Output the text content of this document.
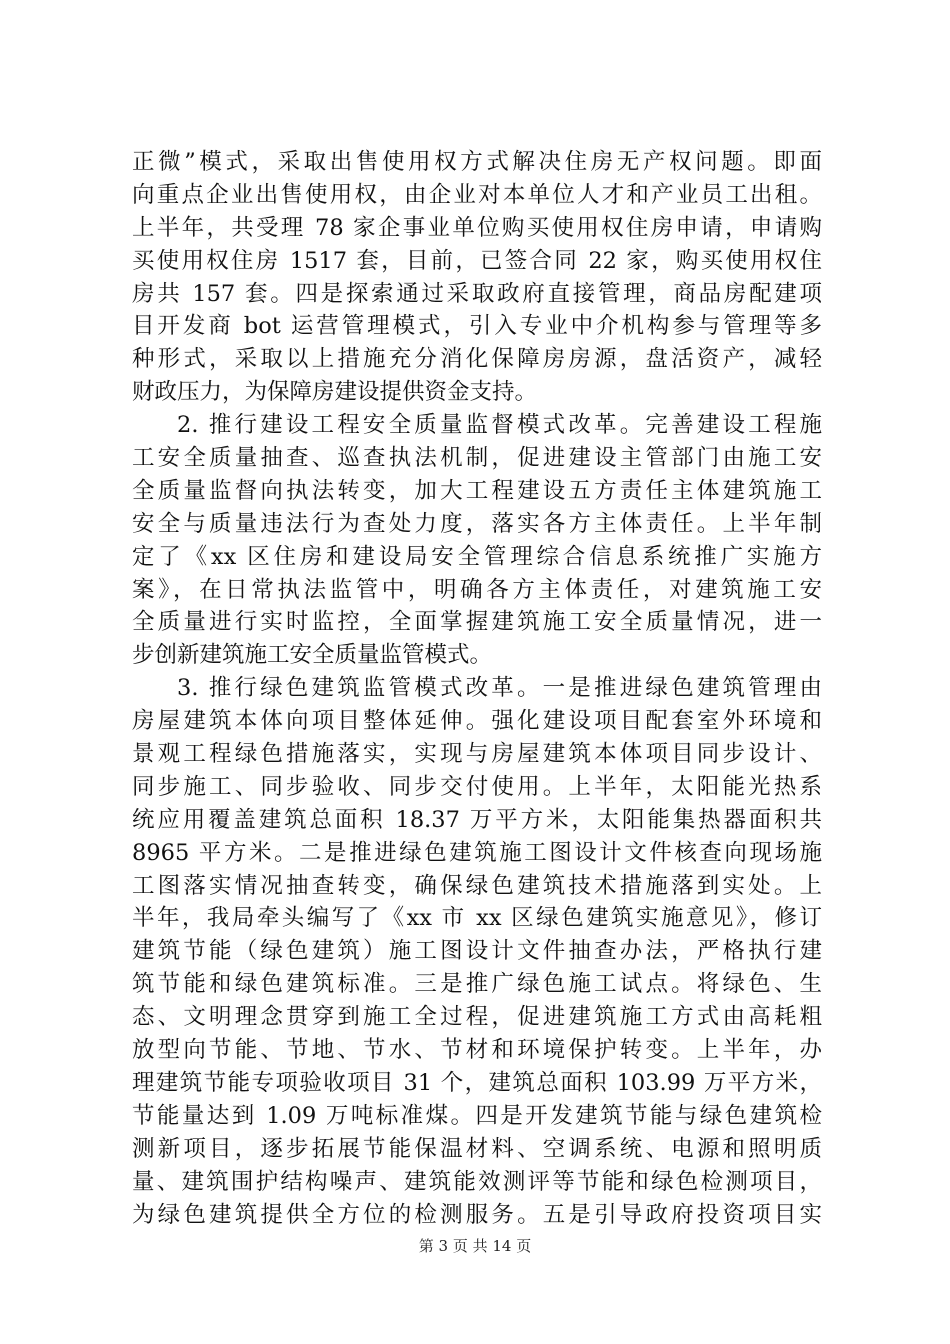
正微”模式，采取出售使用权方式解决住房无产权问题。即面
向重点企业出售使用权，由企业对本单位人才和产业员工出租。
上半年，共受理 78 家企事业单位购买使用权住房申请，申请购
买使用权住房 1517 套，目前，已签合同 22 家，购买使用权住
房共 157 套。四是探索通过采取政府直接管理，商品房配建项
目开发商 bot 运营管理模式，引入专业中介机构参与管理等多
种形式，采取以上措施充分消化保障房房源，盘活资产，减轻
财政压力，为保障房建设提供资金支持。
2. 推行建设工程安全质量监督模式改革。完善建设工程施
工安全质量抽查、巡查执法机制，促进建设主管部门由施工安
全质量监督向执法转变，加大工程建设五方责任主体建筑施工
安全与质量违法行为查处力度，落实各方主体责任。上半年制
定了《xx 区住房和建设局安全管理综合信息系统推广实施方
案》，在日常执法监管中，明确各方主体责任，对建筑施工安
全质量进行实时监控，全面掌握建筑施工安全质量情况，进一
步创新建筑施工安全质量监管模式。
3. 推行绿色建筑监管模式改革。一是推进绿色建筑管理由
房屋建筑本体向项目整体延伸。强化建设项目配套室外环境和
景观工程绿色措施落实，实现与房屋建筑本体项目同步设计、
同步施工、同步验收、同步交付使用。上半年，太阳能光热系
统应用覆盖建筑总面积 18.37 万平方米，太阳能集热器面积共
8965 平方米。二是推进绿色建筑施工图设计文件核查向现场施
工图落实情况抽查转变，确保绿色建筑技术措施落到实处。上
半年，我局牵头编写了《xx 市 xx 区绿色建筑实施意见》，修订
建筑节能（绿色建筑）施工图设计文件抽查办法，严格执行建
筑节能和绿色建筑标准。三是推广绿色施工试点。将绿色、生
态、文明理念贯穿到施工全过程，促进建筑施工方式由高耗粗
放型向节能、节地、节水、节材和环境保护转变。上半年，办
理建筑节能专项验收项目 31 个，建筑总面积 103.99 万平方米，
节能量达到 1.09 万吨标准煤。四是开发建筑节能与绿色建筑检
测新项目，逐步拓展节能保温材料、空调系统、电源和照明质
量、建筑围护结构噪声、建筑能效测评等节能和绿色检测项目，
为绿色建筑提供全方位的检测服务。五是引导政府投资项目实
第 3 页 共 14 页
